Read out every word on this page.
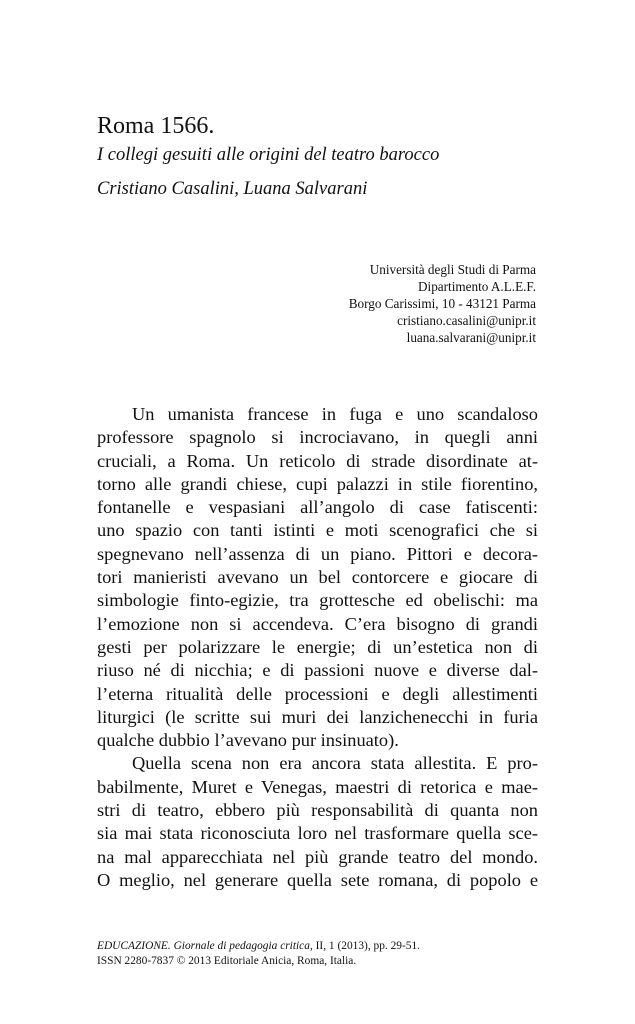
Roma 1566.
I collegi gesuiti alle origini del teatro barocco
Cristiano Casalini, Luana Salvarani
Università degli Studi di Parma
Dipartimento A.L.E.F.
Borgo Carissimi, 10 - 43121 Parma
cristiano.casalini@unipr.it
luana.salvarani@unipr.it
Un umanista francese in fuga e uno scandaloso
professore spagnolo si incrociavano, in quegli anni
cruciali, a Roma. Un reticolo di strade disordinate at-
torno alle grandi chiese, cupi palazzi in stile fiorentino,
fontanelle e vespasiani all’angolo di case fatiscenti:
uno spazio con tanti istinti e moti scenografici che si
spegnevano nell’assenza di un piano. Pittori e decora-
tori manieristi avevano un bel contorcere e giocare di
simbologie finto-egizie, tra grottesche ed obelischi: ma
l’emozione non si accendeva. C’era bisogno di grandi
gesti per polarizzare le energie; di un’estetica non di
riuso né di nicchia; e di passioni nuove e diverse dal-
l’eterna ritualità delle processioni e degli allestimenti
liturgici (le scritte sui muri dei lanzichenecchi in furia
qualche dubbio l’avevano pur insinuato).
Quella scena non era ancora stata allestita. E pro-
babilmente, Muret e Venegas, maestri di retorica e mae-
stri di teatro, ebbero più responsabilità di quanta non
sia mai stata riconosciuta loro nel trasformare quella sce-
na mal apparecchiata nel più grande teatro del mondo.
O meglio, nel generare quella sete romana, di popolo e
EDUCAZIONE. Giornale di pedagogia critica, II, 1 (2013), pp. 29-51.
ISSN 2280-7837 © 2013 Editoriale Anicia, Roma, Italia.
